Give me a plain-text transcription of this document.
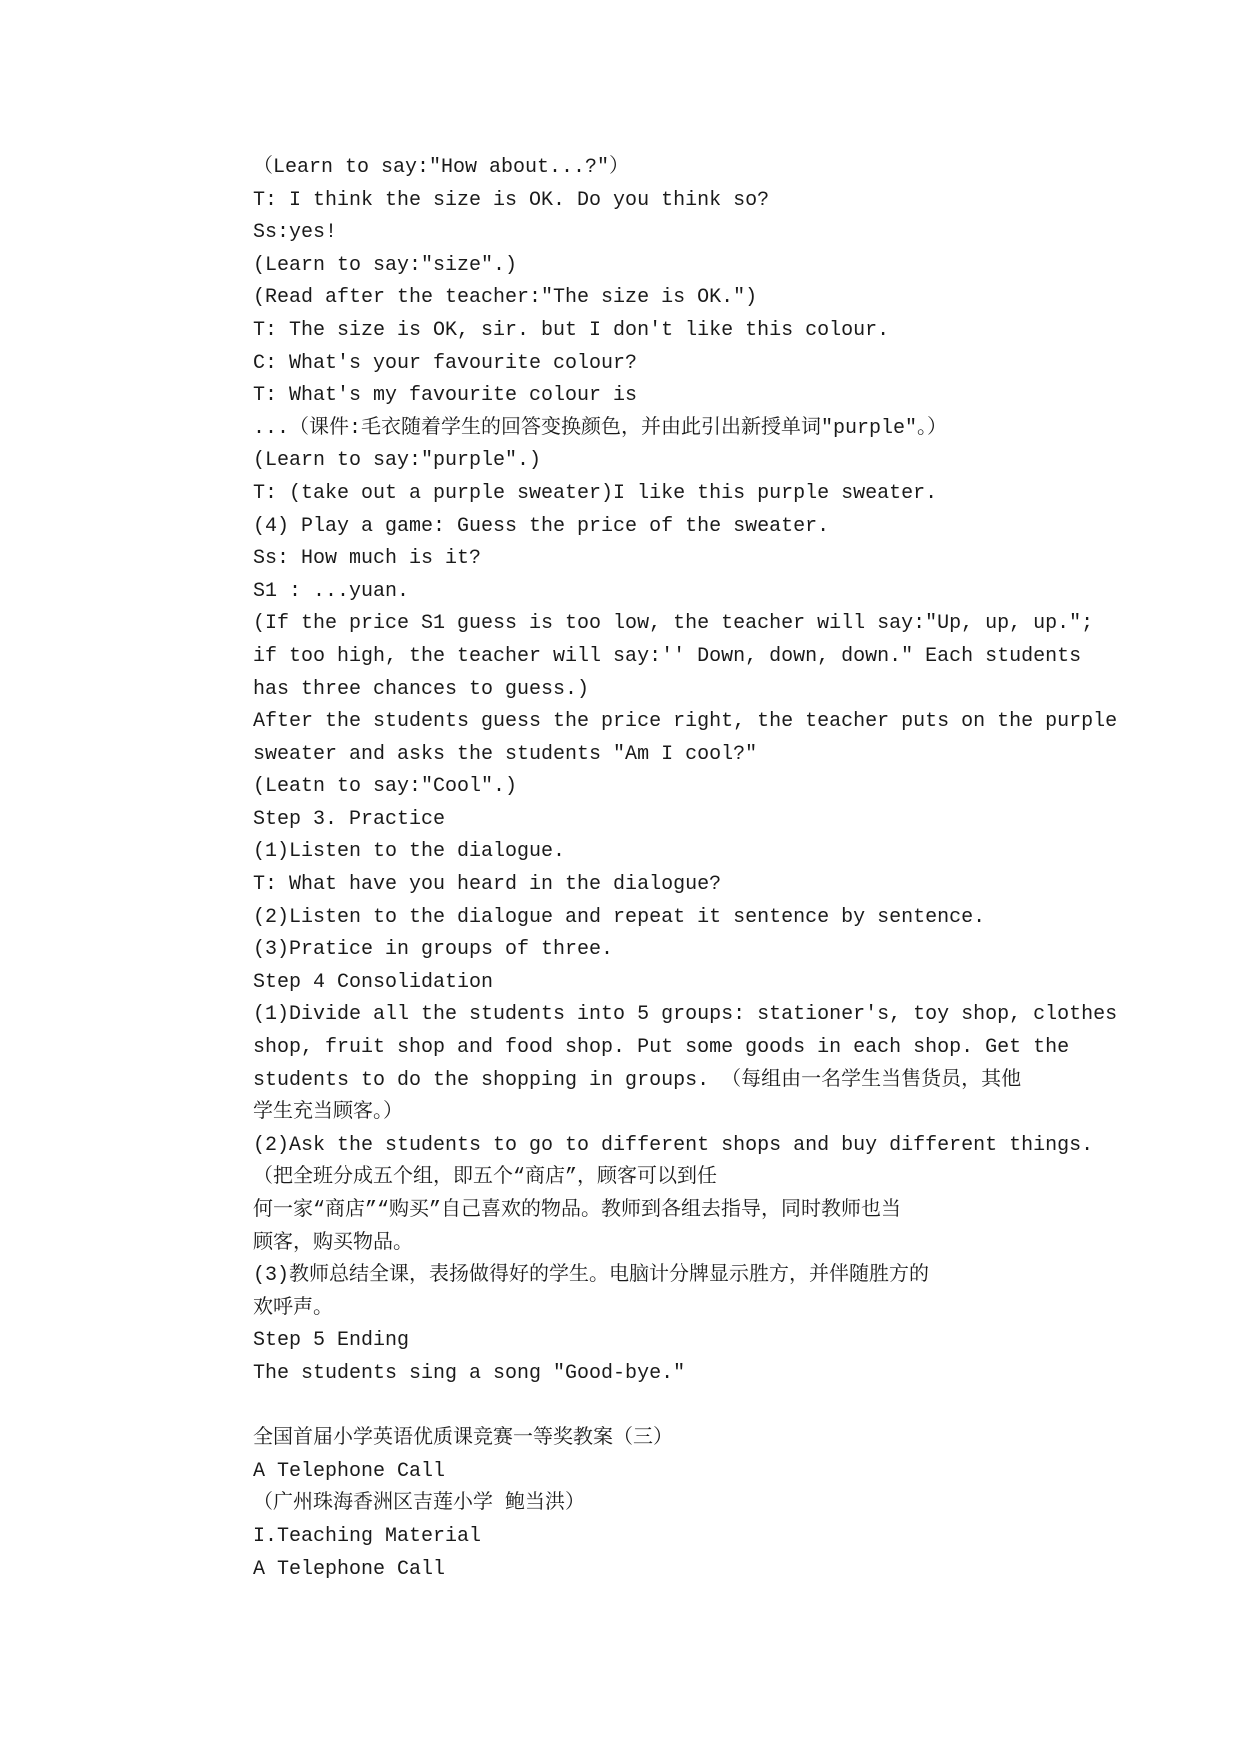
（Learn to say:"How about...?"）
T: I think the size is OK. Do you think so?
Ss:yes!
(Learn to say:"size".)
(Read after the teacher:"The size is OK.")
T: The size is OK, sir. but I don't like this colour.
C: What's your favourite colour?
T: What's my favourite colour is
...（课件:毛衣随着学生的回答变换颜色，并由此引出新授单词"purple"。）
(Learn to say:"purple".)
T: (take out a purple sweater)I like this purple sweater.
(4) Play a game: Guess the price of the sweater.
Ss: How much is it?
S1 : ...yuan.
(If the price S1 guess is too low, the teacher will say:"Up, up, up.";
if too high, the teacher will say:'' Down, down, down." Each students
has three chances to guess.)
After the students guess the price right, the teacher puts on the purple
sweater and asks the students "Am I cool?"
(Leatn to say:"Cool".)
Step 3. Practice
(1)Listen to the dialogue.
T: What have you heard in the dialogue?
(2)Listen to the dialogue and repeat it sentence by sentence.
(3)Pratice in groups of three.
Step 4 Consolidation
(1)Divide all the students into 5 groups: stationer's, toy shop, clothes
shop, fruit shop and food shop. Put some goods in each shop. Get the
students to do the shopping in groups. （每组由一名学生当售货员，其他
学生充当顾客。）
(2)Ask the students to go to different shops and buy different things.
（把全班分成五个组，即五个“商店”，顾客可以到任
何一家“商店”“购买”自己喜欢的物品。教师到各组去指导，同时教师也当
顾客，购买物品。
(3)教师总结全课，表扬做得好的学生。电脑计分牌显示胜方，并伴随胜方的
欢呼声。
Step 5 Ending
The students sing a song "Good-bye."
全国首届小学英语优质课竞赛一等奖教案（三）
A Telephone Call
（广州珠海香洲区吉莲小学 鲍当洪）
I.Teaching Material
A Telephone Call
